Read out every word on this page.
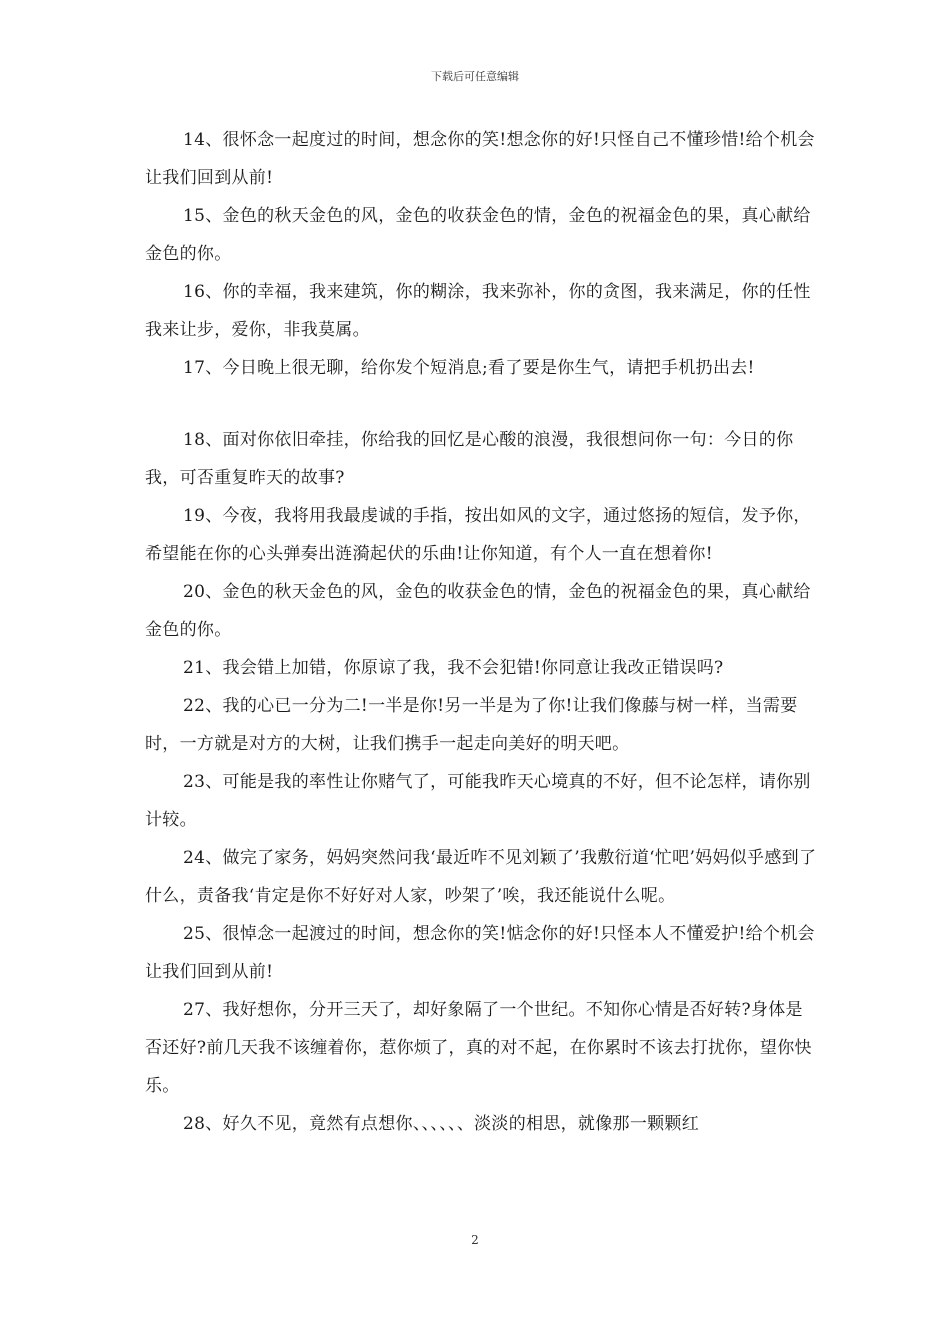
下载后可任意编辑

14、很怀念一起度过的时间，想念你的笑!想念你的好!只怪自己不懂珍惜!给个机会让我们回到从前!

15、金色的秋天金色的风，金色的收获金色的情，金色的祝福金色的果，真心献给金色的你。

16、你的幸福，我来建筑，你的糊涂，我来弥补，你的贪图，我来满足，你的任性我来让步，爱你，非我莫属。

17、今日晚上很无聊，给你发个短消息;看了要是你生气，请把手机扔出去!

18、面对你依旧牵挂，你给我的回忆是心酸的浪漫，我很想问你一句：今日的你我，可否重复昨天的故事?

19、今夜，我将用我最虔诚的手指，按出如风的文字，通过悠扬的短信，发予你，希望能在你的心头弹奏出涟漪起伏的乐曲!让你知道，有个人一直在想着你!

20、金色的秋天金色的风，金色的收获金色的情，金色的祝福金色的果，真心献给金色的你。

21、我会错上加错，你原谅了我，我不会犯错!你同意让我改正错误吗?

22、我的心已一分为二!一半是你!另一半是为了你!让我们像藤与树一样，当需要时，一方就是对方的大树，让我们携手一起走向美好的明天吧。

23、可能是我的率性让你赌气了，可能我昨天心境真的不好，但不论怎样，请你别计较。

24、做完了家务，妈妈突然问我‘最近咋不见刘颖了’我敷衍道‘忙吧’妈妈似乎感到了什么，责备我‘肯定是你不好好对人家，吵架了’唉，我还能说什么呢。

25、很悼念一起渡过的时间，想念你的笑!惦念你的好!只怪本人不懂爱护!给个机会让我们回到从前!

27、我好想你，分开三天了，却好象隔了一个世纪。不知你心情是否好转?身体是否还好?前几天我不该缠着你，惹你烦了，真的对不起，在你累时不该去打扰你，望你快乐。

28、好久不见，竟然有点想你、、、、、、淡淡的相思，就像那一颗颗红

2
